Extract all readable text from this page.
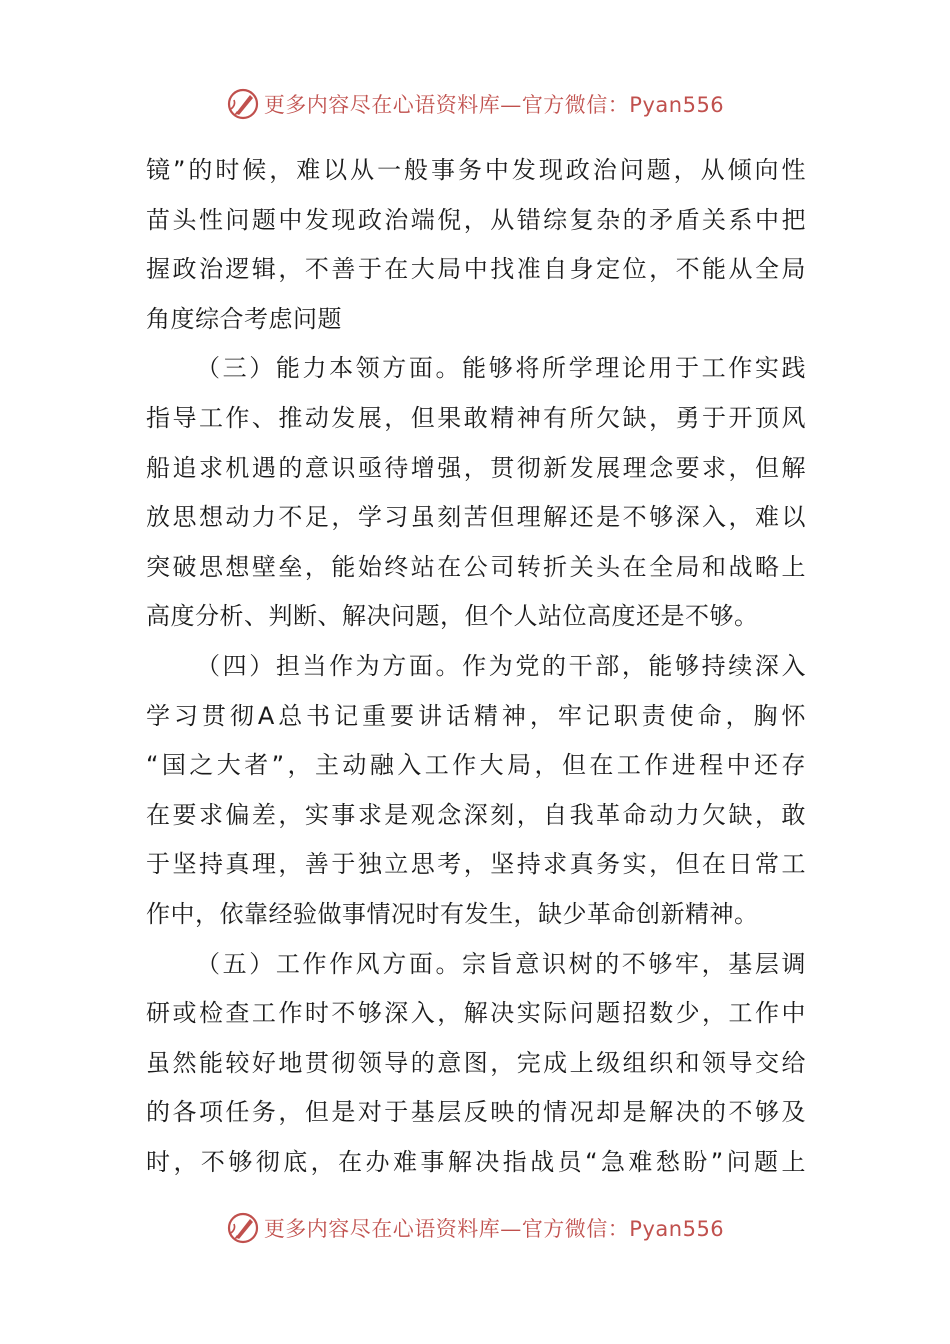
更多内容尽在心语资料库—官方微信：Pyan556
镜”的时候，难以从一般事务中发现政治问题，从倾向性
苗头性问题中发现政治端倪，从错综复杂的矛盾关系中把
握政治逻辑，不善于在大局中找准自身定位，不能从全局
角度综合考虑问题
（三）能力本领方面。能够将所学理论用于工作实践
指导工作、推动发展，但果敢精神有所欠缺，勇于开顶风
船追求机遇的意识亟待增强，贯彻新发展理念要求，但解
放思想动力不足，学习虽刻苦但理解还是不够深入，难以
突破思想壁垒，能始终站在公司转折关头在全局和战略上
高度分析、判断、解决问题，但个人站位高度还是不够。
（四）担当作为方面。作为党的干部，能够持续深入
学习贯彻A总书记重要讲话精神，牢记职责使命，胸怀
“国之大者”，主动融入工作大局，但在工作进程中还存
在要求偏差，实事求是观念深刻，自我革命动力欠缺，敢
于坚持真理，善于独立思考，坚持求真务实，但在日常工
作中，依靠经验做事情况时有发生，缺少革命创新精神。
（五）工作作风方面。宗旨意识树的不够牢，基层调
研或检查工作时不够深入，解决实际问题招数少，工作中
虽然能较好地贯彻领导的意图，完成上级组织和领导交给
的各项任务，但是对于基层反映的情况却是解决的不够及
时，不够彻底，在办难事解决指战员“急难愁盼”问题上
更多内容尽在心语资料库—官方微信：Pyan556
